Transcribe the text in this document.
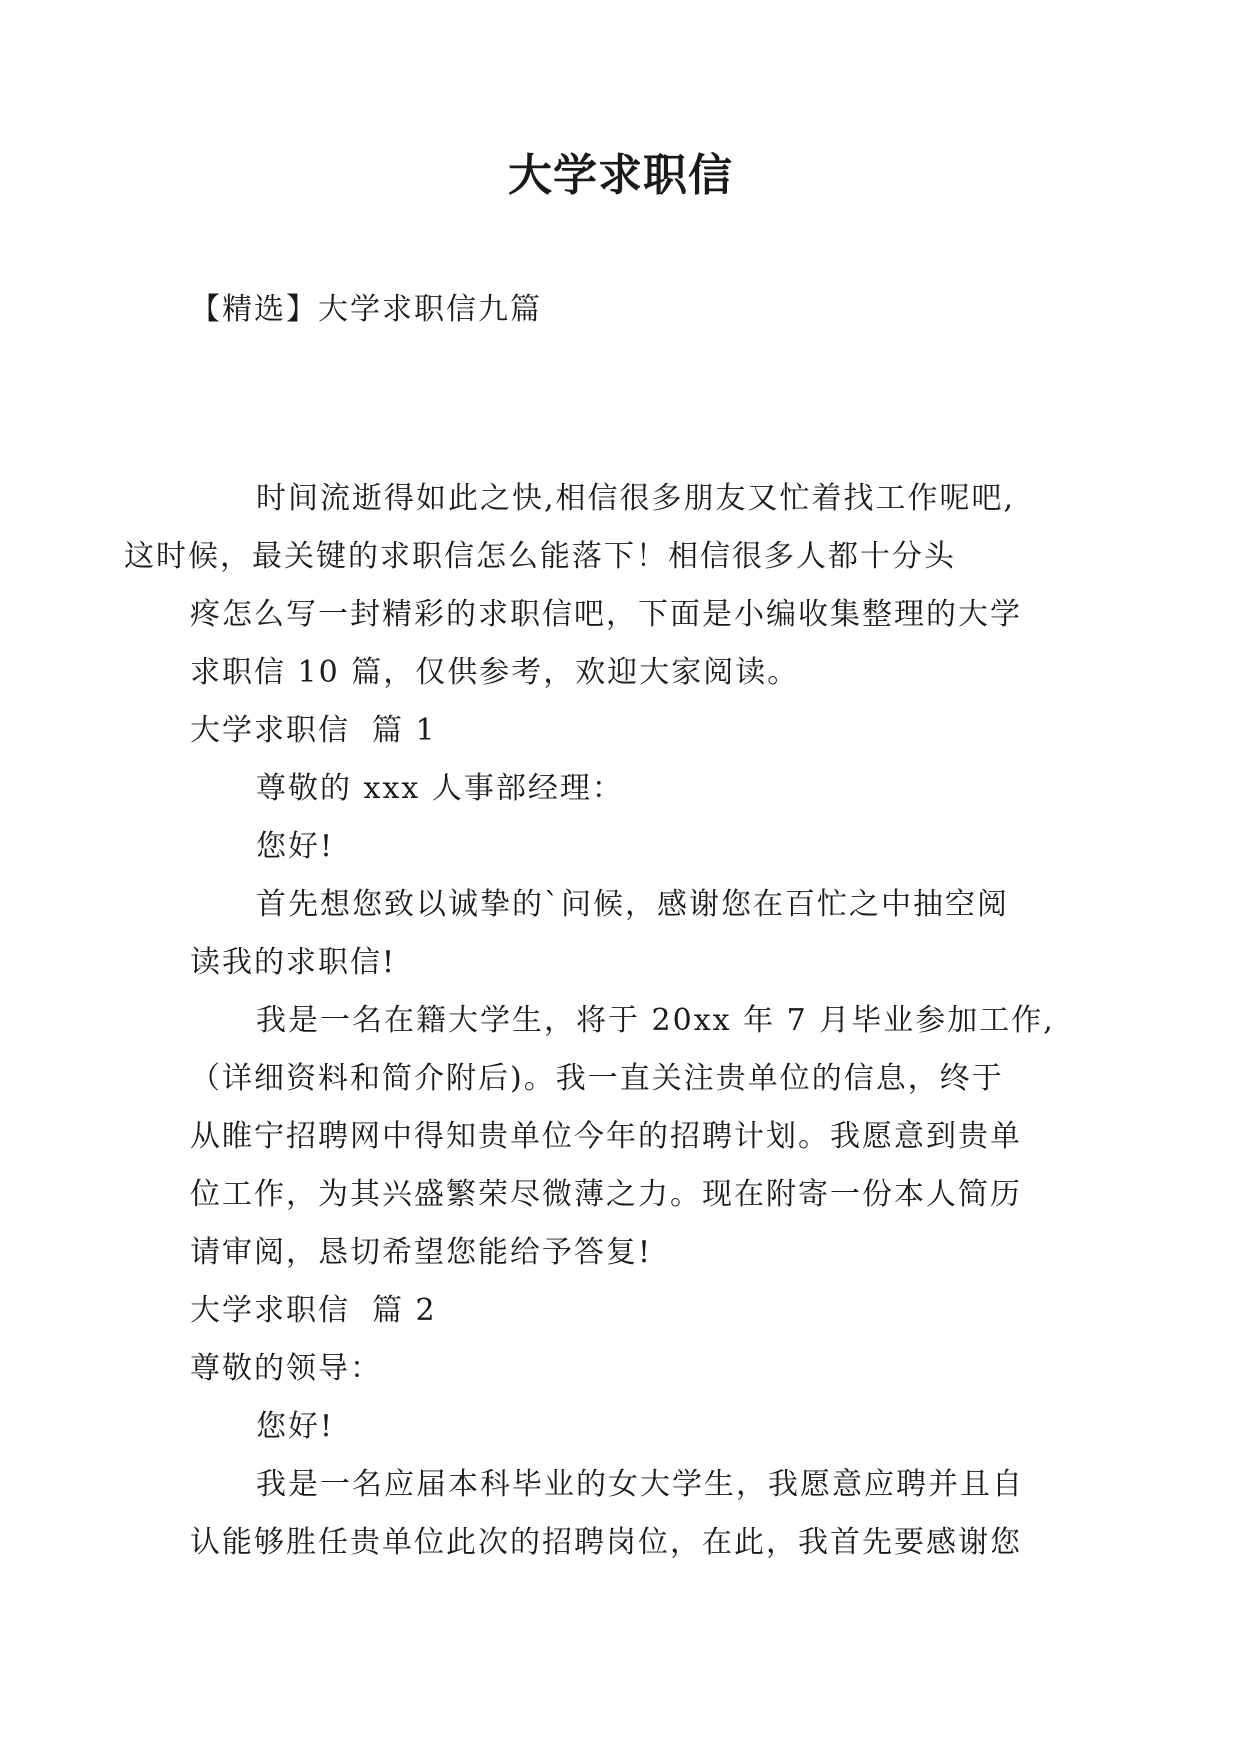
大学求职信
【精选】大学求职信九篇

时间流逝得如此之快,相信很多朋友又忙着找工作呢吧,
这时候，最关键的求职信怎么能落下！相信很多人都十分头
疼怎么写一封精彩的求职信吧，下面是小编收集整理的大学
求职信 10 篇，仅供参考，欢迎大家阅读。

大学求职信 篇 1

尊敬的 xxx 人事部经理：

您好!

首先想您致以诚挚的`问候，感谢您在百忙之中抽空阅
读我的求职信!

我是一名在籍大学生，将于 20xx 年 7 月毕业参加工作,
（详细资料和简介附后)。我一直关注贵单位的信息，终于
从睢宁招聘网中得知贵单位今年的招聘计划。我愿意到贵单
位工作，为其兴盛繁荣尽微薄之力。现在附寄一份本人简历
请审阅，恳切希望您能给予答复!

大学求职信 篇 2

尊敬的领导：

您好!

我是一名应届本科毕业的女大学生，我愿意应聘并且自
认能够胜任贵单位此次的招聘岗位，在此，我首先要感谢您
